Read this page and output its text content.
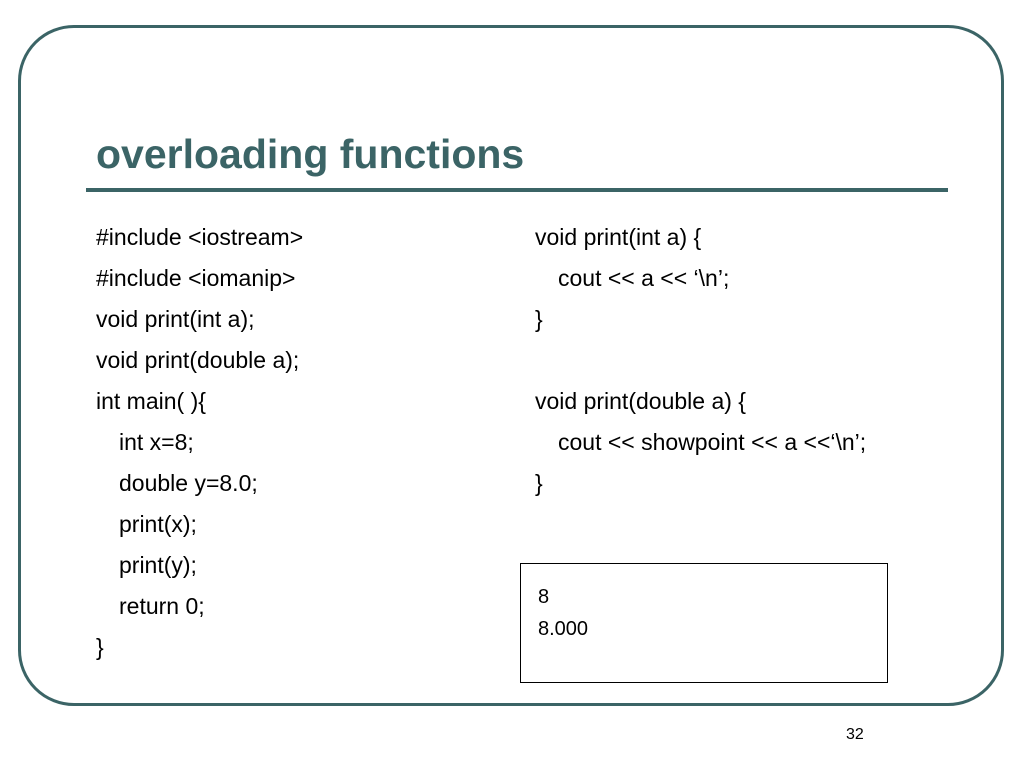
overloading functions
#include <iostream>
#include <iomanip>
void print(int a);
void print(double a);
int main( ){
int x=8;
double y=8.0;
print(x);
print(y);
return 0;
}
void print(int a) {
cout << a << ‘\n’;
}
void print(double a) {
cout << showpoint << a <<‘\n’;
}
8
8.000
32
